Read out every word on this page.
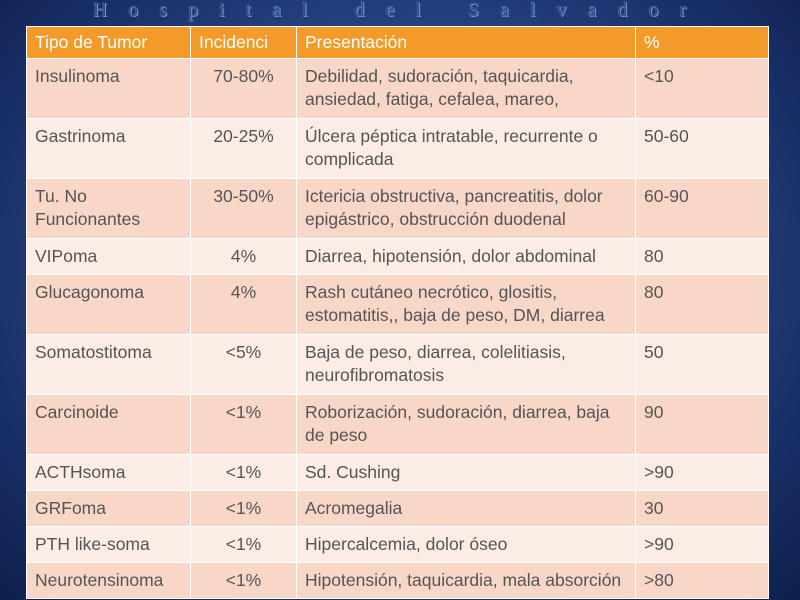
Hospital del Salvador
Tipo de Tumor	Incidenci	Presentación	%

Insulinoma	70-80%	Debilidad, sudoración, taquicardia, ansiedad, fatiga, cefalea, mareo,	<10

Gastrinoma	20-25%	Úlcera péptica intratable, recurrente o complicada	50-60

Tu. No Funcionantes	30-50%	Ictericia obstructiva, pancreatitis, dolor epigástrico, obstrucción duodenal	60-90

VIPoma	4%	Diarrea, hipotensión, dolor abdominal	80

Glucagonoma	4%	Rash cutáneo necrótico, glositis, estomatitis,, baja de peso, DM, diarrea	80

Somatostitoma	<5%	Baja de peso, diarrea, colelitiasis, neurofibromatosis	50

Carcinoide	<1%	Roborización, sudoración, diarrea, baja de peso	90

ACTHsoma	<1%	Sd. Cushing	>90

GRFoma	<1%	Acromegalia	30

PTH like-soma	<1%	Hipercalcemia, dolor óseo	>90

Neurotensinoma	<1%	Hipotensión, taquicardia, mala absorción	>80
